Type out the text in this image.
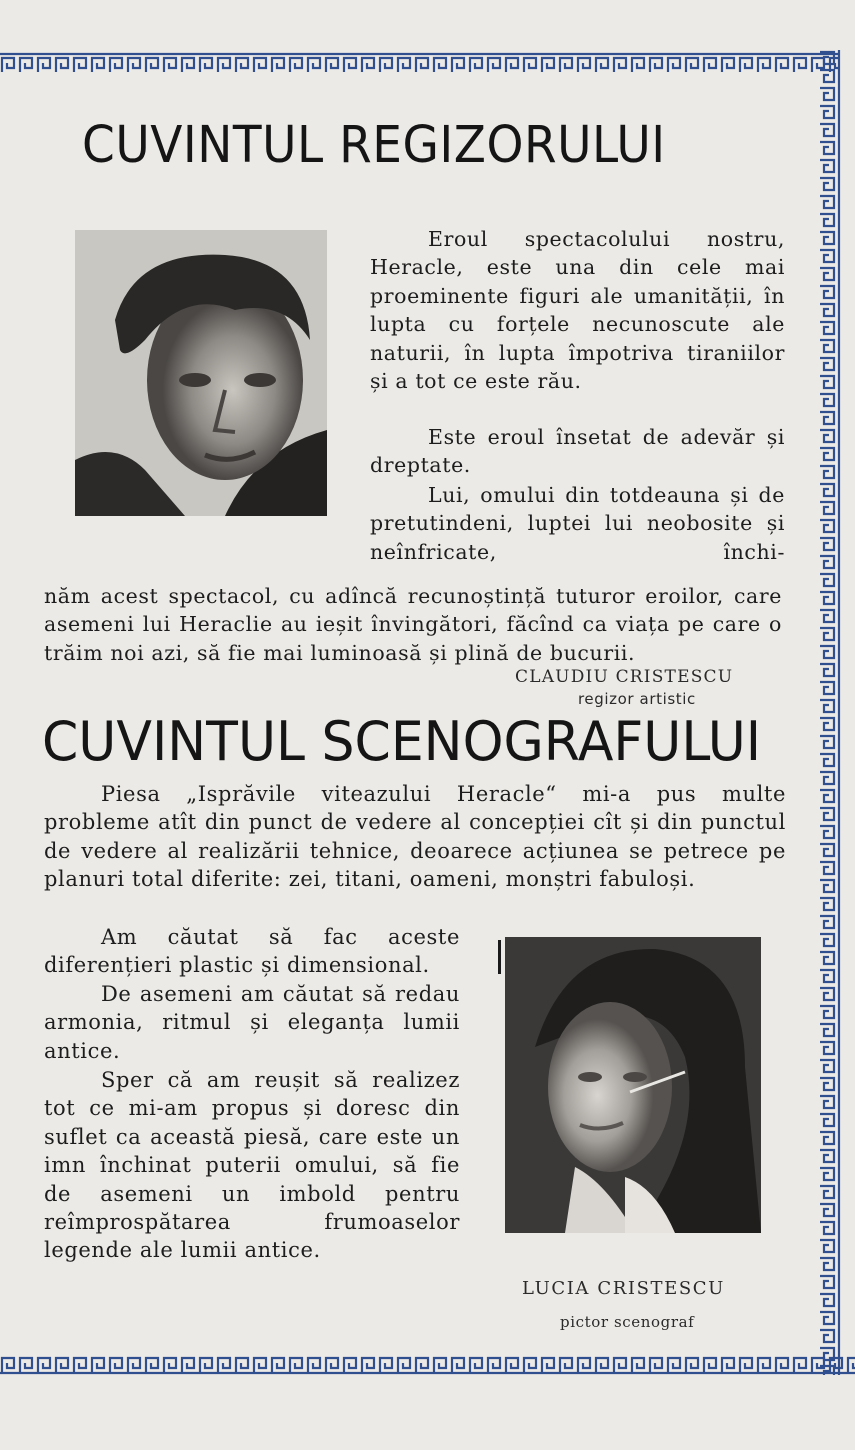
CUVINTUL REGIZORULUI

Eroul spectacolului nostru, Heracle, este una din cele mai proeminente figuri ale umanității, în lupta cu forțele necunoscute ale naturii, în lupta împotriva tiraniilor și a tot ce este rău.

Este eroul însetat de adevăr și dreptate.

Lui, omului din totdeauna și de pretutindeni, luptei lui neobosite și neînfricate, închi-

năm acest spectacol, cu adîncă recunoștință tuturor eroilor, care asemeni lui Heraclie au ieșit învingători, făcînd ca viața pe care o trăim noi azi, să fie mai luminoasă și plină de bucurii.

CLAUDIU CRISTESCU
regizor artistic
CUVINTUL SCENOGRAFULUI

Piesa „Isprăvile viteazului Heracle“ mi-a pus multe probleme atît din punct de vedere al concepției cît și din punctul de vedere al realizării tehnice, deoarece acțiunea se petrece pe planuri total diferite: zei, titani, oameni, monștri fabuloși.

Am căutat să fac aceste diferențieri plastic și dimensional.

De asemeni am căutat să redau armonia, ritmul și eleganța lumii antice.

Sper că am reușit să realizez tot ce mi-am propus și doresc din suflet ca această piesă, care este un imn închinat puterii omului, să fie de asemeni un imbold pentru reîmprospătarea frumoaselor legende ale lumii antice.

LUCIA CRISTESCU
pictor scenograf
